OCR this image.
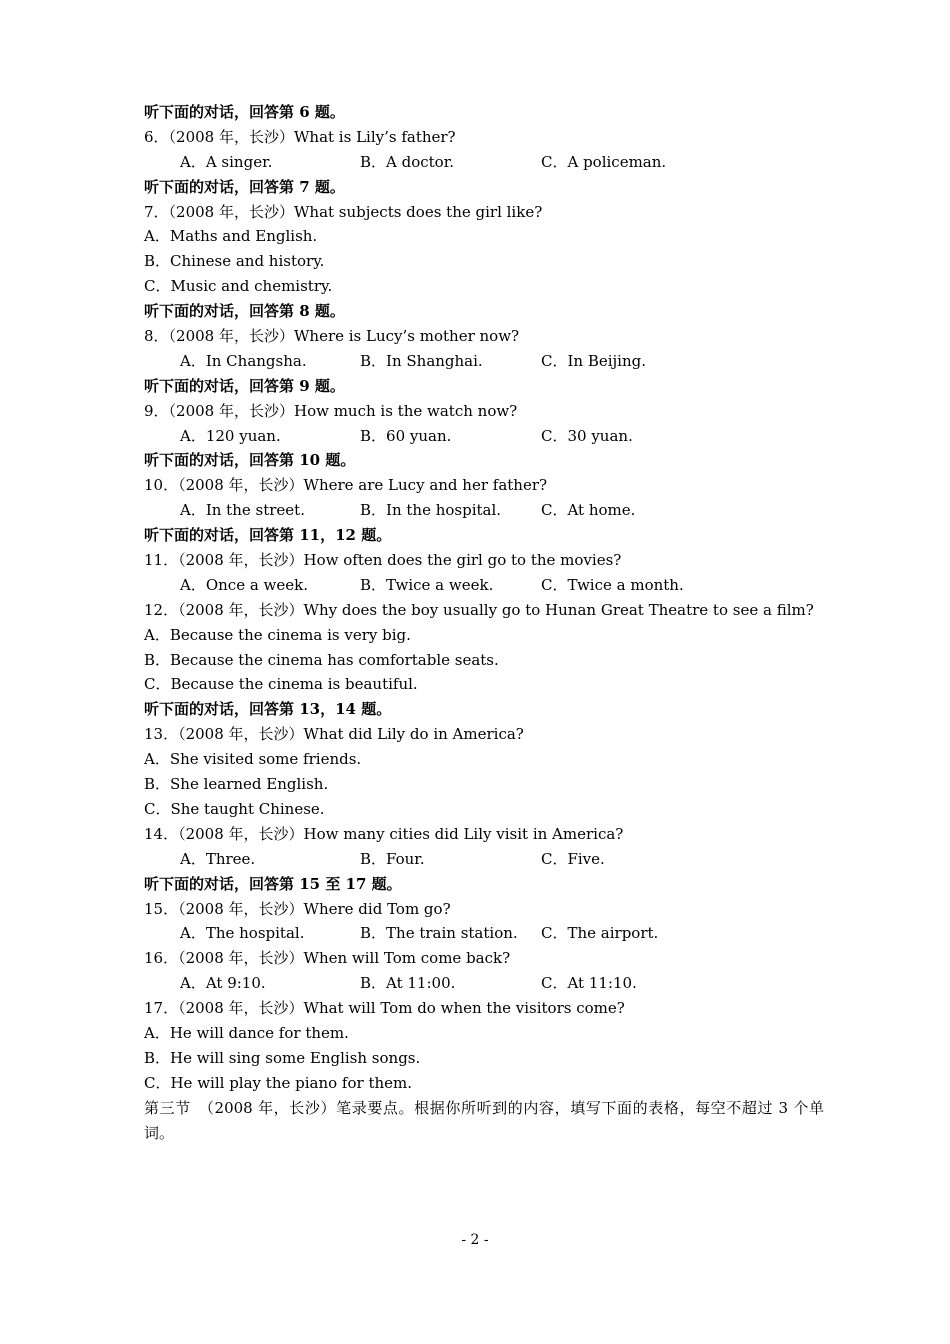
听下面的对话，回答第 6 题。
6．（2008 年，长沙）What is Lily’s father?
A．A singer.	B．A doctor.	C．A policeman.
听下面的对话，回答第 7 题。
7．（2008 年，长沙）What subjects does the girl like?
A．Maths and English.
B．Chinese and history.
C．Music and chemistry.
听下面的对话，回答第 8 题。
8．（2008 年，长沙）Where is Lucy’s mother now?
A．In Changsha.	B．In Shanghai.	C．In Beijing.
听下面的对话，回答第 9 题。
9．（2008 年，长沙）How much is the watch now?
A．120 yuan.	B．60 yuan.	C．30 yuan.
听下面的对话，回答第 10 题。
10．（2008 年，长沙）Where are Lucy and her father?
A．In the street.	B．In the hospital.	C．At home.
听下面的对话，回答第 11，12 题。
11．（2008 年，长沙）How often does the girl go to the movies?
A．Once a week.	B．Twice a week.	C．Twice a month.
12．（2008 年，长沙）Why does the boy usually go to Hunan Great Theatre to see a film?
A．Because the cinema is very big.
B．Because the cinema has comfortable seats.
C．Because the cinema is beautiful.
听下面的对话，回答第 13，14 题。
13．（2008 年，长沙）What did Lily do in America?
A．She visited some friends.
B．She learned English.
C．She taught Chinese.
14．（2008 年，长沙）How many cities did Lily visit in America?
A．Three.	B．Four.	C．Five.
听下面的对话，回答第 15 至 17 题。
15．（2008 年，长沙）Where did Tom go?
A．The hospital.	B．The train station. C．The airport.
16．（2008 年，长沙）When will Tom come back?
A．At 9:10.	B．At 11:00.	C．At 11:10.
17．（2008 年，长沙）What will Tom do when the visitors come?
A．He will dance for them.
B．He will sing some English songs.
C．He will play the piano for them.
第三节　（2008 年，长沙）笔录要点。根据你所听到的内容，填写下面的表格，每空不超过 3 个单词。
- 2 -
